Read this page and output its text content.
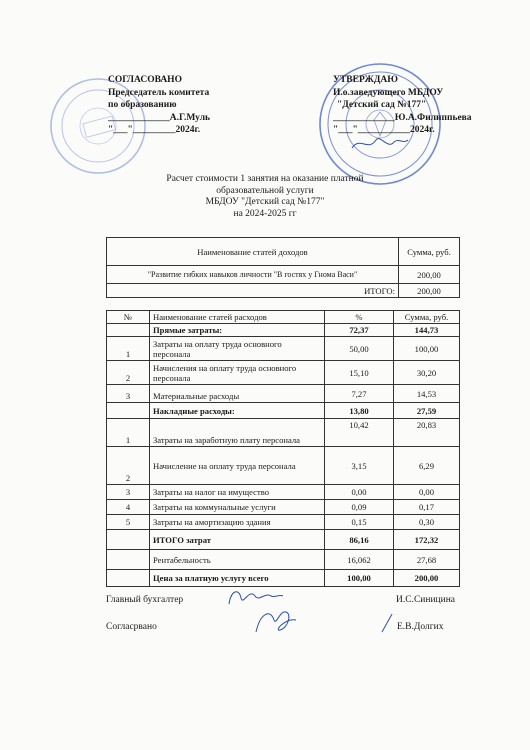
СОГЛАСОВАНО
Председатель комитета
по образованию
_____________А.Г.Муль
"___"_________2024г.
УТВЕРЖДАЮ
И.о.заведующего МБДОУ
"Детский сад №177"
_____________Ю.А.Филиппьева
"___"___________2024г.
Расчет стоимости 1 занятия на оказание платной
образовательной услуги
МБДОУ "Детский сад №177"
на 2024-2025 гг
Наименование статей доходов	Сумма, руб.
"Развитие гибких навыков личности "В гостях у Гнома Васи"	200,00
ИТОГО:	200,00
№	Наименование статей расходов	%	Сумма, руб.
	Прямые затраты:	72,37	144,73
1	Затраты на оплату труда основного персонала	50,00	100,00
2	Начисления на оплату труда основного персонала	15,10	30,20
3	Материальные расходы	7,27	14,53
	Накладные расходы:	13,80	27,59
1	Затраты на заработную плату персонала	10,42	20,83
2	Начисление на оплату труда персонала	3,15	6,29
3	Затраты на налог на имущество	0,00	0,00
4	Затраты на коммунальные услуги	0,09	0,17
5	Затраты на амортизацию здания	0,15	0,30
	ИТОГО затрат	86,16	172,32
	Рентабельность	16,062	27,68
	Цена за платную услугу всего	100,00	200,00
Главный бухгалтер	И.С.Синицина
Согласрвано	Е.В.Долгих
